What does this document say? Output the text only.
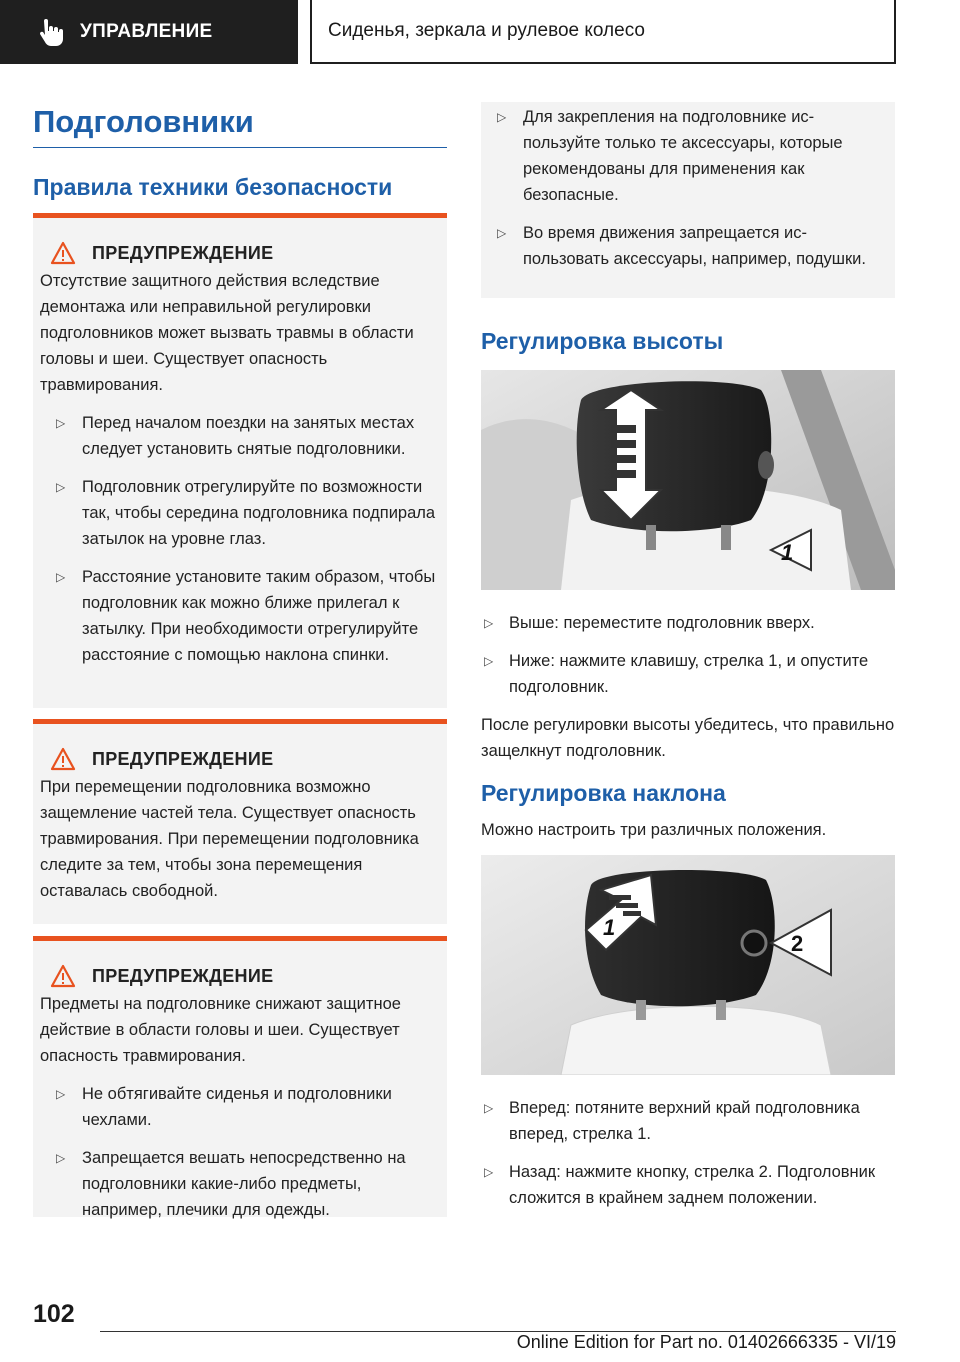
УПРАВЛЕНИЕ	Сиденья, зеркала и рулевое колесо
Подголовники
Правила техники безопасности
ПРЕДУПРЕЖДЕНИЕ

Отсутствие защитного действия вследствие демонтажа или неправильной регулировки подголовников может вызвать травмы в области головы и шеи. Существует опасность травмирования.

▷ Перед началом поездки на занятых местах следует установить снятые подголовники.
▷ Подголовник отрегулируйте по возможности так, чтобы середина подголовника подпирала затылок на уровне глаз.
▷ Расстояние установите таким образом, чтобы подголовник как можно ближе прилегал к затылку. При необходимости отрегулируйте расстояние с помощью наклона спинки.
ПРЕДУПРЕЖДЕНИЕ

При перемещении подголовника возможно защемление частей тела. Существует опасность травмирования. При перемещении подголовника следите за тем, чтобы зона перемещения оставалась свободной.

ПРЕДУПРЕЖДЕНИЕ

Предметы на подголовнике снижают защитное действие в области головы и шеи. Существует опасность травмирования.

▷ Не обтягивайте сиденья и подголовники чехлами.
▷ Запрещается вешать непосредственно на подголовники какие-либо предметы, например, плечики для одежды.
▷ Для закрепления на подголовнике используйте только те аксессуары, которые рекомендованы для применения как безопасные.
▷ Во время движения запрещается использовать аксессуары, например, подушки.
Регулировка высоты
1
▷ Выше: переместите подголовник вверх.
▷ Ниже: нажмите клавишу, стрелка 1, и опустите подголовник.

После регулировки высоты убедитесь, что правильно защелкнут подголовник.

Регулировка наклона
Можно настроить три различных положения.
1
2
▷ Вперед: потяните верхний край подголовника вперед, стрелка 1.
▷ Назад: нажмите кнопку, стрелка 2. Подголовник сложится в крайнем заднем положении.
102
Online Edition for Part no. 01402666335 - VI/19
